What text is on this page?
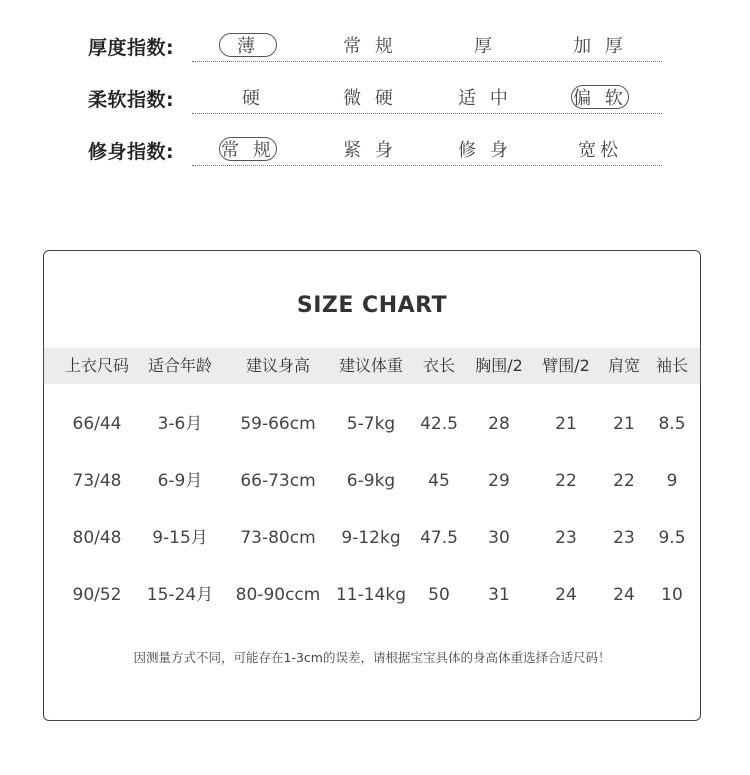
厚度指数:	薄	常 规	厚	加 厚
柔软指数:	硬	微 硬	适 中	偏 软
修身指数:	常 规	紧 身	修 身	宽松
SIZE CHART
上衣尺码	适合年龄	建议身高	建议体重	衣长	胸围/2	臂围/2	肩宽 袖长
66/44	3-6月	59-66cm	5-7kg	42.5	28	21	21	8.5
73/48	6-9月	66-73cm	6-9kg	45	29	22	22	9
80/48	9-15月	73-80cm	9-12kg	47.5	30	23	23	9.5
90/52	15-24月	80-90ccm 11-14kg	50	31	24	24	10
因测量方式不同，可能存在1-3cm的误差，请根据宝宝具体的身高体重选择合适尺码！
